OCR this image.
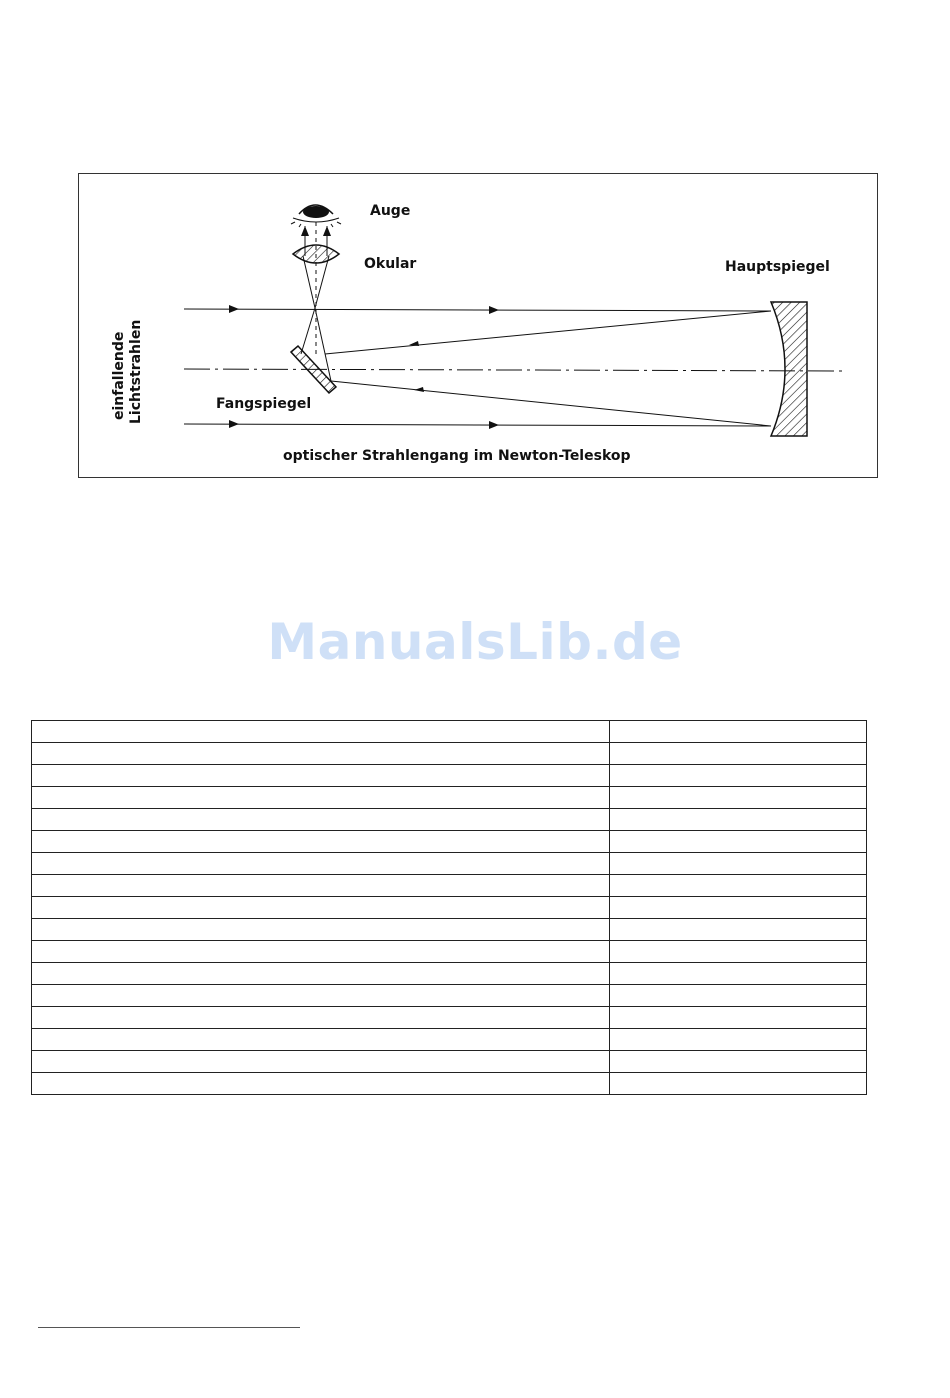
Auge
Okular	Hauptspiegel
Fangspiegel
optischer Strahlengang im Newton-Teleskop
einfallende Lichtstrahlen
ManualsLib.de
